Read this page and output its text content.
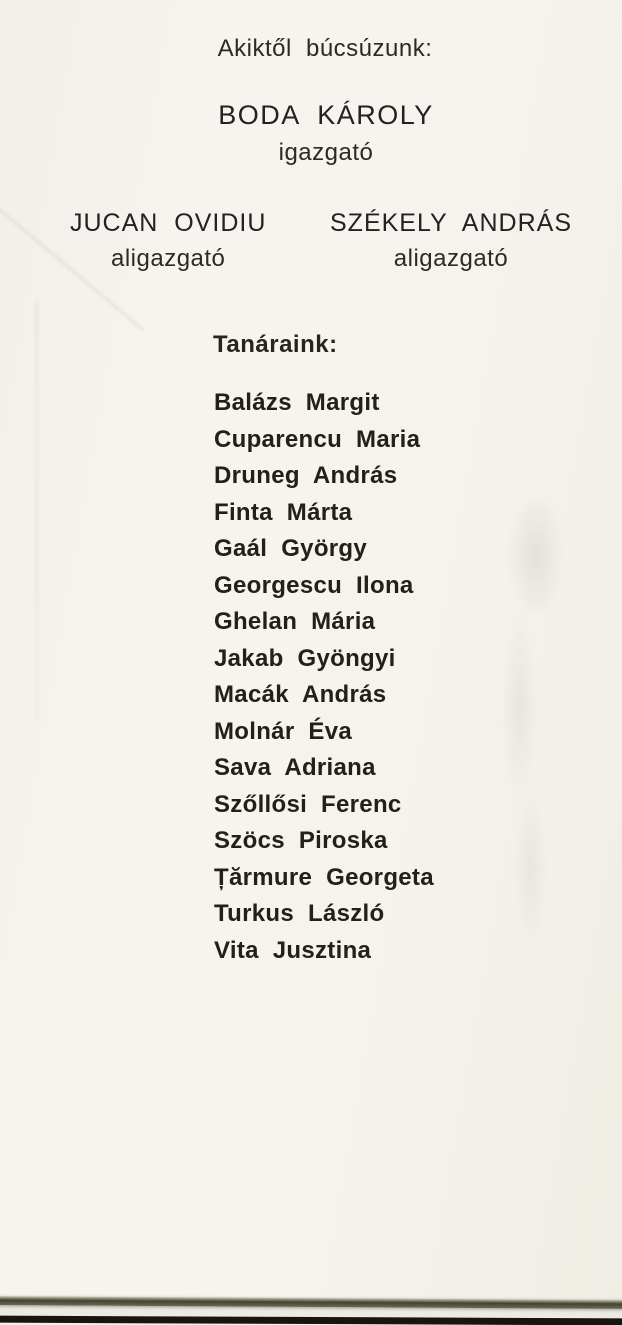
Akiktől búcsúzunk:
BODA KÁROLY
igazgató
JUCAN OVIDIU
aligazgató
SZÉKELY ANDRÁS
aligazgató
Tanáraink:
Balázs Margit
Cuparencu Maria
Druneg András
Finta Márta
Gaál György
Georgescu Ilona
Ghelan Mária
Jakab Gyöngyi
Macák András
Molnár Éva
Sava Adriana
Szőllősi Ferenc
Szöcs Piroska
Țărmure Georgeta
Turkus László
Vita Jusztina
